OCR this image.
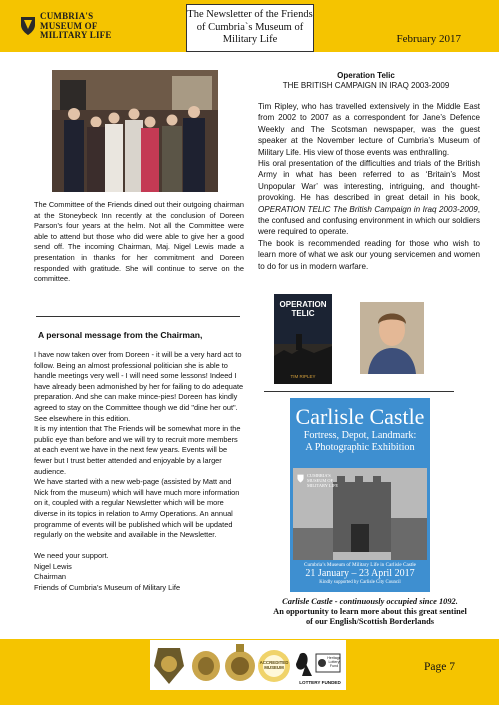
CUMBRIA'S
MUSEUM OF
MILITARY LIFE
The Newsletter of the Friends
of Cumbria`s Museum of
Military Life	February 2017
The Committee of the Friends dined out their outgoing chairman at the Stoneybeck Inn recently at the conclusion of Doreen Parson’s four years at the helm. Not all the Committee were able to attend but those who did were able to give her a good send off. The incoming Chairman, Maj. Nigel Lewis made a presentation in thanks for her commitment and Doreen responded with gratitude. She will continue to serve on the committee.
A personal message from the Chairman,

I have now taken over from Doreen - it will be a very hard act to follow. Being an almost professional politician she is able to handle meetings very well - I will need some lessons! Indeed I have already been admonished by her for failing to do adequate preparation. And she can make mince-pies! Doreen has kindly agreed to stay on the Committee though we did "dine her out". See elsewhere in this edition.

It is my intention that The Friends will be somewhat more in the public eye than before and we will try to recruit more members at each event we have in the next few years. Events will be fewer but I trust better attended and enjoyable by a larger audience.

We have started with a new web-page (assisted by Matt and Nick from the museum) which will have much more information on it, coupled with a regular Newsletter which will be more diverse in its topics in relation to Army Operations. An annual programme of events will be published which will be updated regularly on the website and available in the Newsletter.

We need your support.

Nigel Lewis

Chairman

Friends of Cumbria’s Museum of Military Life

Operation Telic
THE BRITISH CAMPAIGN IN IRAQ 2003-2009

Tim Ripley, who has travelled extensively in the Middle East from 2002 to 2007 as a correspondent for Jane’s Defence Weekly and The Scotsman newspaper, was the guest speaker at the November lecture of Cumbria’s Museum of Military Life. His view of those events was enthralling.

His oral presentation of the difficulties and trials of the British Army in what has been referred to as ‘Britain’s Most Unpopular War’ was interesting, intriguing, and thought-provoking. He has described in great detail in his book, OPERATION TELIC The British Campaign in Iraq 2003-2009, the confused and confusing environment in which our soldiers were required to operate.

The book is recommended reading for those who wish to learn more of what we ask our young servicemen and women to do for us in modern warfare.

OPERATION TELIC
TIM RIPLEY
Carlisle Castle
Fortress, Depot, Landmark:
A Photographic Exhibition
CUMBRIA'S
MUSEUM OF
MILITARY LIFE
Cumbria’s Museum of Military Life in Carlisle Castle
21 January – 23 April 2017
Kindly supported by Carlisle City Council
Carlisle Castle - continuously occupied since 1092.
An opportunity to learn more about this great sentinel
of our English/Scottish Borderlands
ACCREDITED
MUSEUM
Heritage
Lottery Fund
LOTTERY FUNDED
Page 7
